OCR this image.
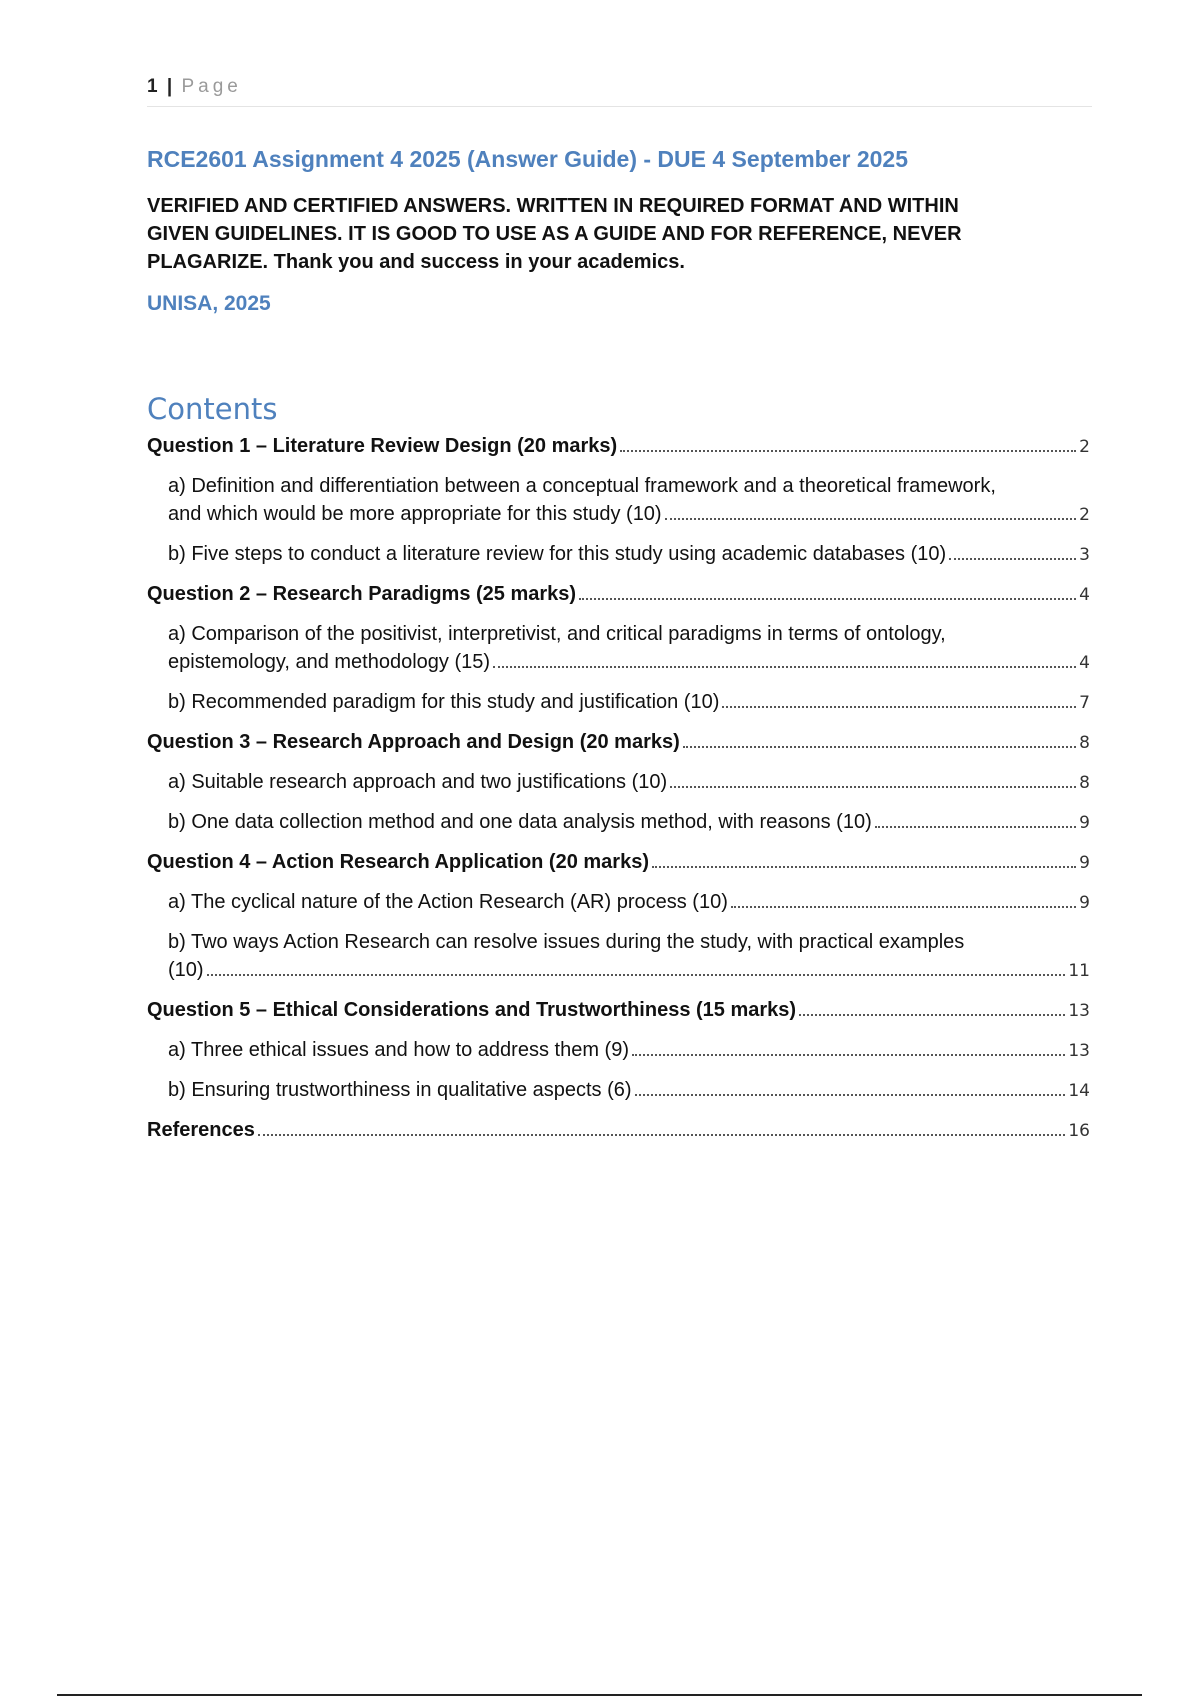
1 | Page
RCE2601 Assignment 4 2025 (Answer Guide) - DUE 4 September 2025
VERIFIED AND CERTIFIED ANSWERS. WRITTEN IN REQUIRED FORMAT AND WITHIN
GIVEN GUIDELINES. IT IS GOOD TO USE AS A GUIDE AND FOR REFERENCE, NEVER
PLAGARIZE. Thank you and success in your academics.
UNISA, 2025
Contents
Question 1 – Literature Review Design (20 marks)	2
a) Definition and differentiation between a conceptual framework and a theoretical framework,
and which would be more appropriate for this study (10)	2
b) Five steps to conduct a literature review for this study using academic databases (10)	3
Question 2 – Research Paradigms (25 marks)	4
a) Comparison of the positivist, interpretivist, and critical paradigms in terms of ontology,
epistemology, and methodology (15)	4
b) Recommended paradigm for this study and justification (10)	7
Question 3 – Research Approach and Design (20 marks)	8
a) Suitable research approach and two justifications (10)	8
b) One data collection method and one data analysis method, with reasons (10)	9
Question 4 – Action Research Application (20 marks)	9
a) The cyclical nature of the Action Research (AR) process (10)	9
b) Two ways Action Research can resolve issues during the study, with practical examples
(10)	11
Question 5 – Ethical Considerations and Trustworthiness (15 marks)	13
a) Three ethical issues and how to address them (9)	13
b) Ensuring trustworthiness in qualitative aspects (6)	14
References	16
